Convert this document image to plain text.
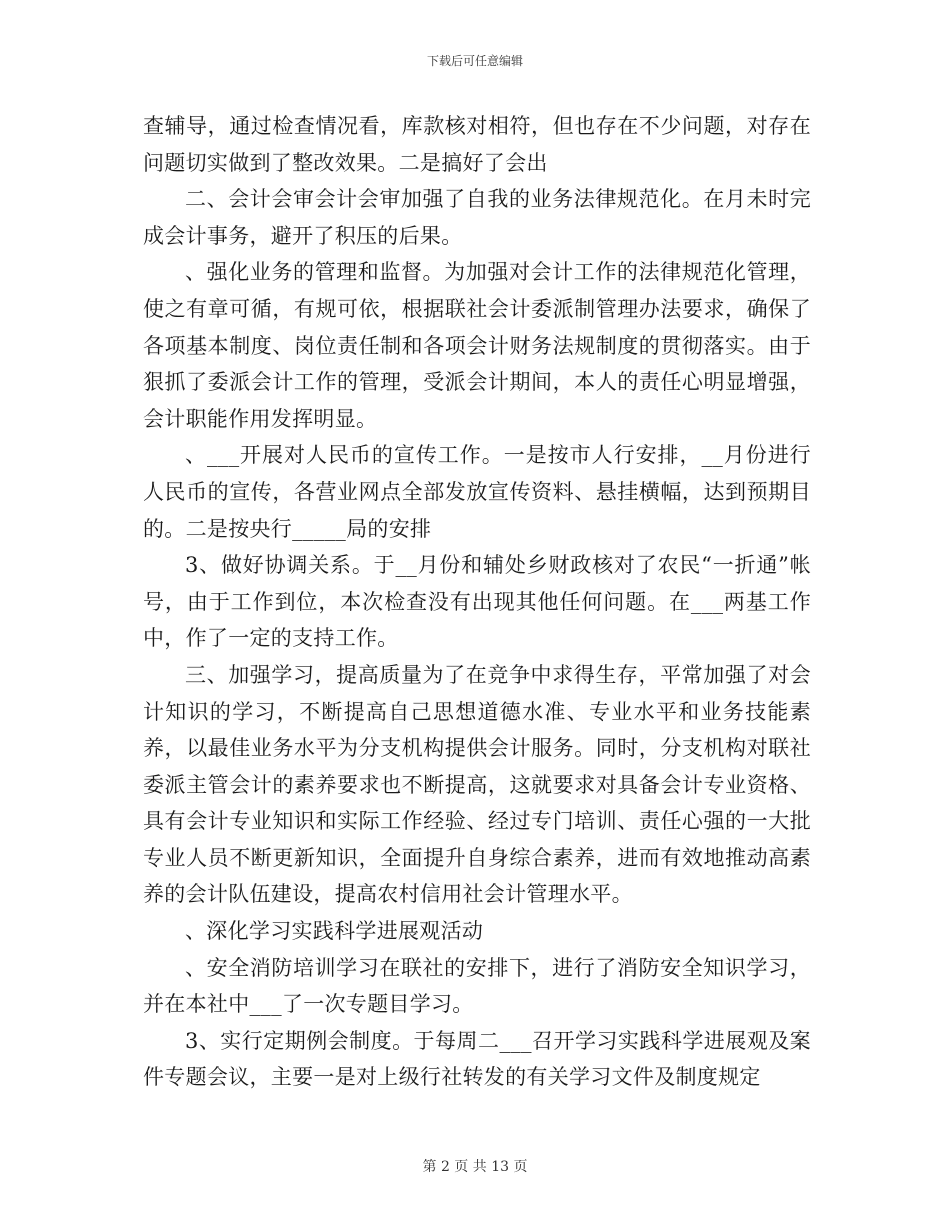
下载后可任意编辑

查辅导，通过检查情况看，库款核对相符，但也存在不少问题，对存在问题切实做到了整改效果。二是搞好了会出

二、会计会审会计会审加强了自我的业务法律规范化。在月未时完成会计事务，避开了积压的后果。

、强化业务的管理和监督。为加强对会计工作的法律规范化管理，使之有章可循，有规可依，根据联社会计委派制管理办法要求，确保了各项基本制度、岗位责任制和各项会计财务法规制度的贯彻落实。由于狠抓了委派会计工作的管理，受派会计期间，本人的责任心明显增强，会计职能作用发挥明显。

、___开展对人民币的宣传工作。一是按市人行安排，__月份进行人民币的宣传，各营业网点全部发放宣传资料、悬挂横幅，达到预期目的。二是按央行_____局的安排

3、做好协调关系。于__月份和辅处乡财政核对了农民“一折通”帐号，由于工作到位，本次检查没有出现其他任何问题。在___两基工作中，作了一定的支持工作。

三、加强学习，提高质量为了在竞争中求得生存，平常加强了对会计知识的学习，不断提高自己思想道德水准、专业水平和业务技能素养，以最佳业务水平为分支机构提供会计服务。同时，分支机构对联社委派主管会计的素养要求也不断提高，这就要求对具备会计专业资格、具有会计专业知识和实际工作经验、经过专门培训、责任心强的一大批专业人员不断更新知识，全面提升自身综合素养，进而有效地推动高素养的会计队伍建设，提高农村信用社会计管理水平。

、深化学习实践科学进展观活动

、安全消防培训学习在联社的安排下，进行了消防安全知识学习，并在本社中___了一次专题目学习。

3、实行定期例会制度。于每周二___召开学习实践科学进展观及案件专题会议，主要一是对上级行社转发的有关学习文件及制度规定

第 2 页 共 13 页
